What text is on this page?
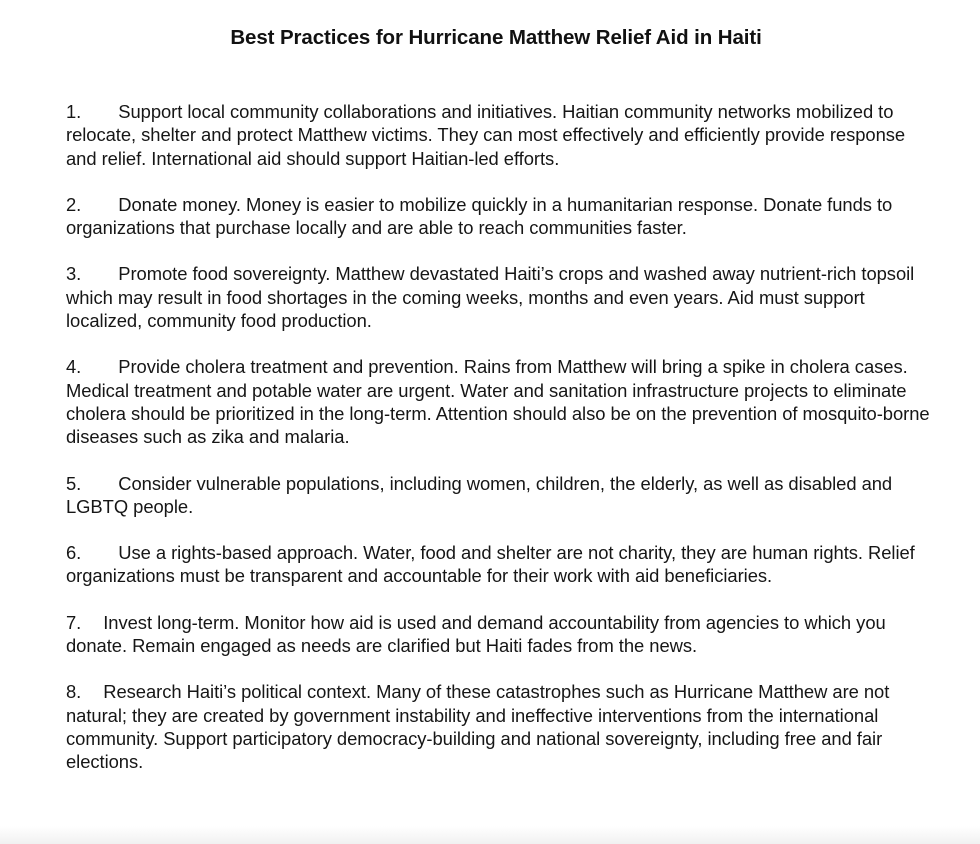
Best Practices for Hurricane Matthew Relief Aid in Haiti

1. Support local community collaborations and initiatives. Haitian community networks mobilized to relocate, shelter and protect Matthew victims. They can most effectively and efficiently provide response and relief. International aid should support Haitian-led efforts.

2. Donate money. Money is easier to mobilize quickly in a humanitarian response. Donate funds to organizations that purchase locally and are able to reach communities faster.

3. Promote food sovereignty. Matthew devastated Haiti’s crops and washed away nutrient-rich topsoil which may result in food shortages in the coming weeks, months and even years. Aid must support localized, community food production.

4. Provide cholera treatment and prevention. Rains from Matthew will bring a spike in cholera cases. Medical treatment and potable water are urgent. Water and sanitation infrastructure projects to eliminate cholera should be prioritized in the long-term. Attention should also be on the prevention of mosquito-borne diseases such as zika and malaria.

5. Consider vulnerable populations, including women, children, the elderly, as well as disabled and LGBTQ people.

6. Use a rights-based approach. Water, food and shelter are not charity, they are human rights. Relief organizations must be transparent and accountable for their work with aid beneficiaries.

7. Invest long-term. Monitor how aid is used and demand accountability from agencies to which you donate. Remain engaged as needs are clarified but Haiti fades from the news.

8. Research Haiti’s political context. Many of these catastrophes such as Hurricane Matthew are not natural; they are created by government instability and ineffective interventions from the international community. Support participatory democracy-building and national sovereignty, including free and fair elections.
